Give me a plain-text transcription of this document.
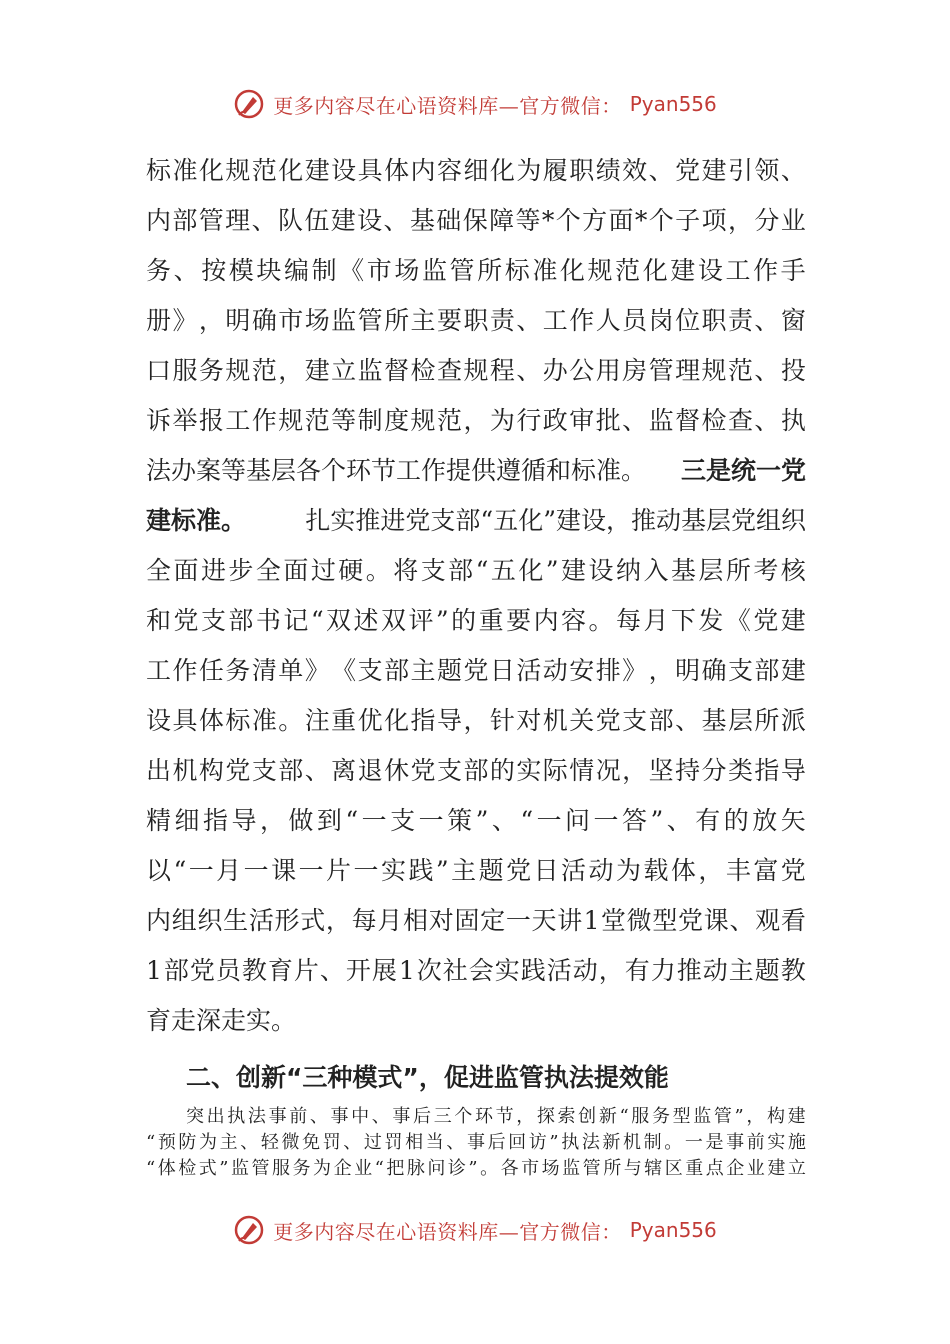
更多内容尽在心语资料库—官方微信： Pyan556
标 准 化 规 范 化 建 设 具 体 内 容 细 化 为 履 职 绩 效 、 党 建 引 领 、
内 部 管 理 、 队 伍 建 设 、 基 础 保 障 等 * 个 方 面 * 个 子 项 ， 分 业
务 、 按 模 块 编 制 《 市 场 监 管 所 标 准 化 规 范 化 建 设 工 作 手
册 》 ， 明 确 市 场 监 管 所 主 要 职 责 、 工 作 人 员 岗 位 职 责 、 窗
口 服 务 规 范 ， 建 立 监 督 检 查 规 程 、 办 公 用 房 管 理 规 范 、 投
诉 举 报 工 作 规 范 等 制 度 规 范 ， 为 行 政 审 批 、 监 督 检 查 、 执
法办案等基层各个环节工作提供遵循和标准。 三是统一党
建标准。 扎实推进党支部“五化”建设，推动基层党组织
全 面 进 步 全 面 过 硬 。 将 支 部 “ 五 化 ” 建 设 纳 入 基 层 所 考 核
和 党 支 部 书 记 “ 双 述 双 评 ” 的 重 要 内 容 。 每 月 下 发 《 党 建
工 作 任 务 清 单 》 《 支 部 主 题 党 日 活 动 安 排 》 ， 明 确 支 部 建
设 具 体 标 准 。 注 重 优 化 指 导 ， 针 对 机 关 党 支 部 、 基 层 所 派
出 机 构 党 支 部 、 离 退 休 党 支 部 的 实 际 情 况 ， 坚 持 分 类 指 导
精 细 指 导 ， 做 到 “ 一 支 一 策 ” 、 “ 一 问 一 答 ” 、 有 的 放 矢
以 “ 一 月 一 课 一 片 一 实 践 ” 主 题 党 日 活 动 为 载 体 ， 丰 富 党
内 组 织 生 活 形 式 ， 每 月 相 对 固 定 一 天 讲 1 堂 微 型 党 课 、 观 看
1 部 党 员 教 育 片 、 开 展 1 次 社 会 实 践 活 动 ， 有 力 推 动 主 题 教
育走深走实。
二、创新“三种模式”，促进监管执法提效能
突 出 执 法 事 前 、 事 中 、 事 后 三 个 环 节 ， 探 索 创 新 “ 服 务 型 监 管 ” ， 构 建
“ 预 防 为 主 、 轻 微 免 罚 、 过 罚 相 当 、 事 后 回 访 ” 执 法 新 机 制 。 一 是 事 前 实 施
“ 体 检 式 ” 监 管 服 务 为 企 业 “ 把 脉 问 诊 ” 。 各 市 场 监 管 所 与 辖 区 重 点 企 业 建 立
更多内容尽在心语资料库—官方微信： Pyan556
